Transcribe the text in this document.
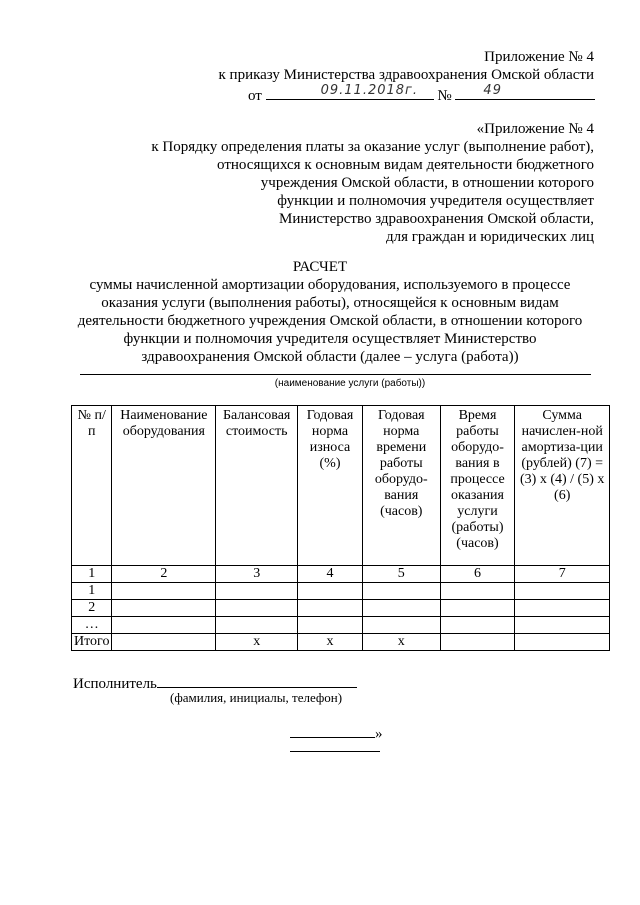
Приложение № 4
к приказу Министерства здравоохранения Омской области
от	09.11.2018г. № 49
«Приложение № 4
к Порядку определения платы за оказание услуг (выполнение работ),
относящихся к основным видам деятельности бюджетного
учреждения Омской области, в отношении которого
функции и полномочия учредителя осуществляет
Министерство здравоохранения Омской области,
для граждан и юридических лиц
РАСЧЕТ
суммы начисленной амортизации оборудования, используемого в процессе
оказания услуги (выполнения работы), относящейся к основным видам
деятельности бюджетного учреждения Омской области, в отношении которого
функции и полномочия учредителя осуществляет Министерство
здравоохранения Омской области (далее – услуга (работа))
(наименование услуги (работы))
№ п/п	Наименование оборудования	Балансовая стоимость	Годовая норма износа (%)	Годовая норма времени работы оборудо-вания (часов)	Время работы оборудо-вания в процессе оказания услуги (работы) (часов)	Сумма начислен-ной амортиза-ции (рублей) (7) = (3) х (4) / (5) х (6)
1	2	3	4	5	6	7
1						
2						
…						
Итого		х	х	х		
Исполнитель
(фамилия, инициалы, телефон)
»
